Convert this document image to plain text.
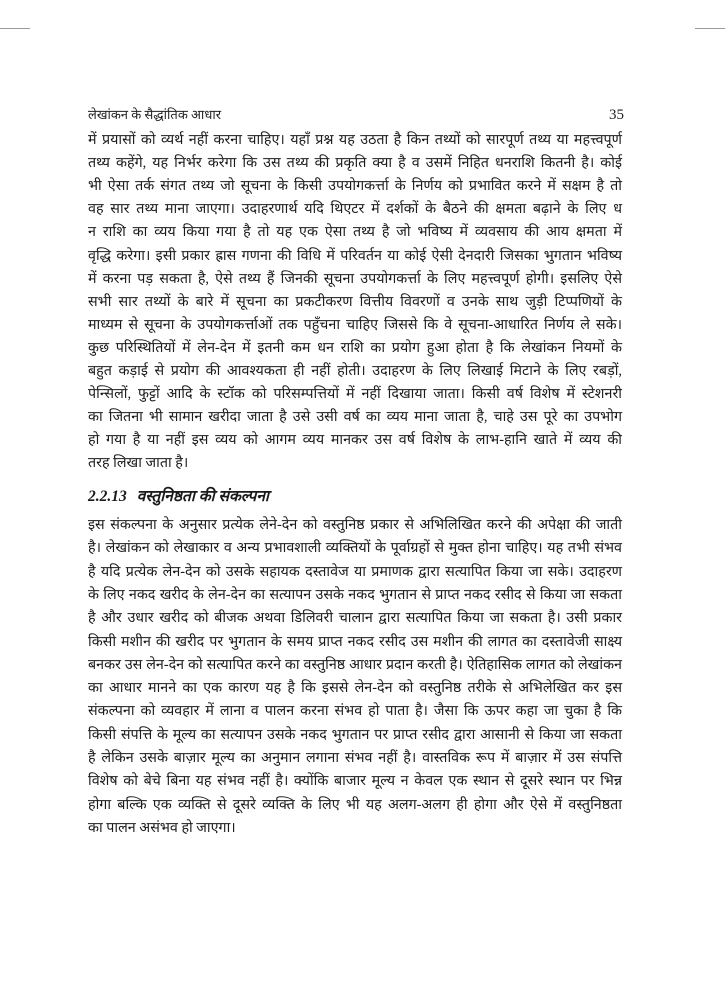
लेखांकन के सैद्धांतिक आधार	35
में प्रयासों को व्यर्थ नहीं करना चाहिए। यहाँ प्रश्न यह उठता है किन तथ्यों को सारपूर्ण तथ्य या महत्त्वपूर्ण
तथ्य कहेंगे, यह निर्भर करेगा कि उस तथ्य की प्रकृति क्या है व उसमें निहित धनराशि कितनी है। कोई
भी ऐसा तर्क संगत तथ्य जो सूचना के किसी उपयोगकर्त्ता के निर्णय को प्रभावित करने में सक्षम है तो
वह सार तथ्य माना जाएगा। उदाहरणार्थ यदि थिएटर में दर्शकों के बैठने की क्षमता बढ़ाने के लिए ध
न राशि का व्यय किया गया है तो यह एक ऐसा तथ्य है जो भविष्य में व्यवसाय की आय क्षमता में
वृद्धि करेगा। इसी प्रकार ह्रास गणना की विधि में परिवर्तन या कोई ऐसी देनदारी जिसका भुगतान भविष्य
में करना पड़ सकता है, ऐसे तथ्य हैं जिनकी सूचना उपयोगकर्त्ता के लिए महत्त्वपूर्ण होगी। इसलिए ऐसे
सभी सार तथ्यों के बारे में सूचना का प्रकटीकरण वित्तीय विवरणों व उनके साथ जुड़ी टिप्पणियों के
माध्यम से सूचना के उपयोगकर्त्ताओं तक पहुँचना चाहिए जिससे कि वे सूचना-आधारित निर्णय ले सके।
कुछ परिस्थितियों में लेन-देन में इतनी कम धन राशि का प्रयोग हुआ होता है कि लेखांकन नियमों के
बहुत कड़ाई से प्रयोग की आवश्यकता ही नहीं होती। उदाहरण के लिए लिखाई मिटाने के लिए रबड़ों,
पेन्सिलों, फुट्टों आदि के स्टॉक को परिसम्पत्तियों में नहीं दिखाया जाता। किसी वर्ष विशेष में स्टेशनरी
का जितना भी सामान खरीदा जाता है उसे उसी वर्ष का व्यय माना जाता है, चाहे उस पूरे का उपभोग
हो गया है या नहीं इस व्यय को आगम व्यय मानकर उस वर्ष विशेष के लाभ-हानि खाते में व्यय की
तरह लिखा जाता है।
2.2.13 वस्तुनिष्ठता की संकल्पना
इस संकल्पना के अनुसार प्रत्येक लेने-देन को वस्तुनिष्ठ प्रकार से अभिलिखित करने की अपेक्षा की जाती
है। लेखांकन को लेखाकार व अन्य प्रभावशाली व्यक्तियों के पूर्वाग्रहों से मुक्त होना चाहिए। यह तभी संभव
है यदि प्रत्येक लेन-देन को उसके सहायक दस्तावेज या प्रमाणक द्वारा सत्यापित किया जा सके। उदाहरण
के लिए नकद खरीद के लेन-देन का सत्यापन उसके नकद भुगतान से प्राप्त नकद रसीद से किया जा सकता
है और उधार खरीद को बीजक अथवा डिलिवरी चालान द्वारा सत्यापित किया जा सकता है। उसी प्रकार
किसी मशीन की खरीद पर भुगतान के समय प्राप्त नकद रसीद उस मशीन की लागत का दस्तावेजी साक्ष्य
बनकर उस लेन-देन को सत्यापित करने का वस्तुनिष्ठ आधार प्रदान करती है। ऐतिहासिक लागत को लेखांकन
का आधार मानने का एक कारण यह है कि इससे लेन-देन को वस्तुनिष्ठ तरीके से अभिलेखित कर इस
संकल्पना को व्यवहार में लाना व पालन करना संभव हो पाता है। जैसा कि ऊपर कहा जा चुका है कि
किसी संपत्ति के मूल्य का सत्यापन उसके नकद भुगतान पर प्राप्त रसीद द्वारा आसानी से किया जा सकता
है लेकिन उसके बाज़ार मूल्य का अनुमान लगाना संभव नहीं है। वास्तविक रूप में बाज़ार में उस संपत्ति
विशेष को बेचे बिना यह संभव नहीं है। क्योंकि बाजार मूल्य न केवल एक स्थान से दूसरे स्थान पर भिन्न
होगा बल्कि एक व्यक्ति से दूसरे व्यक्ति के लिए भी यह अलग-अलग ही होगा और ऐसे में वस्तुनिष्ठता
का पालन असंभव हो जाएगा।
